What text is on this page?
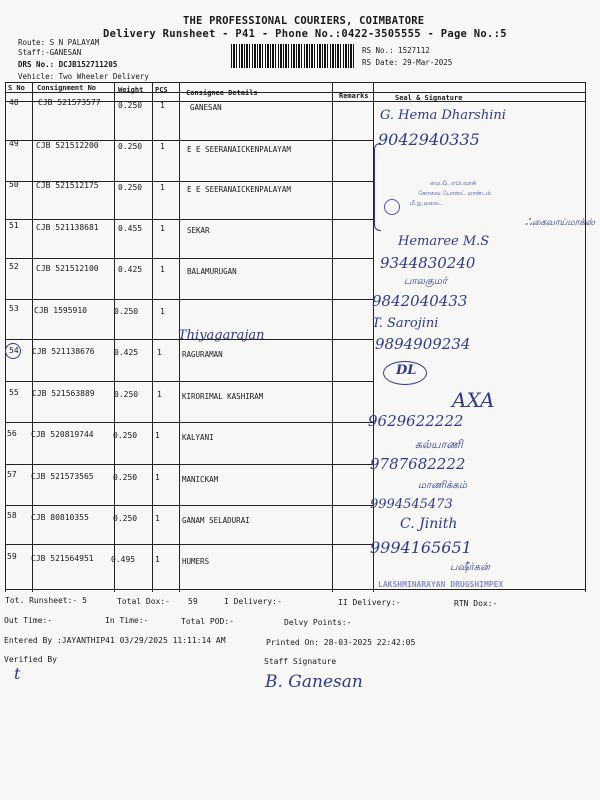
THE PROFESSIONAL COURIERS, COIMBATORE
Delivery Runsheet - P41 - Phone No.:0422-3505555 - Page No.:5
Route: S N PALAYAM
Staff:-GANESAN
DRS No.: DCJB152711205
Vehicle: Two Wheeler Delivery
RS No.: 1527112
RS Date: 29-Mar-2025
S No Consignment No	Weight PCS	Consignee Details	Remarks	Seal & Signature
48 CJB 521573577 0.250 1	GANESAN
49 CJB 521512200 0.250 1	E E SEERANAICKENPALAYAM
50 CJB 521512175 0.250 1	E E SEERANAICKENPALAYAM
51 CJB 521138681 0.455 1	SEKAR
52 CJB 521512100 0.425 1	BALAMURUGAN
53 CJB 1595910	0.250	1
54 CJB 521138676 0.425 1	RAGURAMAN
55 CJB 521563889 0.250 1	KIRORIMAL KASHIRAM
56 CJB 520819744 0.250 1	KALYANI
57 CJB 521573565 0.250 1	MANICKAM
58 CJB 80810355	0.250 1	GANAM SELADURAI
59 CJB 521564951 0.495 1	HUMERS
G. Hema Dharshini
9042940335
மை.G. எபி.வாசி
கோவை போஸ்ட் மான்டம்
மீ.ஐ.மலை..
ஃகைவாய்மாக்ஸ்
Hemaree M.S
9344830240
பாலகுமர்
9842040433
Thiyagarajan
T. Sarojini
9894909234
DL
AXA
9629622222
கல்யாணி
9787682222
மாணிக்கம்
9994545473
C. Jinith
9994165651
பஷீர்கன்
LAKSHMINARAYAN DRUGSHIMPEX
Tot. Runsheet:- 5	Total Dox:- 59	I Delivery:-	II Delivery:-	RTN Dox:-
Out Time:-	In Time:-	Total POD:-	Delvy Points:-
Entered By :JAYANTHIP41 03/29/2025 11:11:14 AM	Printed On: 28-03-2025 22:42:05
Verified By
t
Staff Signature
B. Ganesan
